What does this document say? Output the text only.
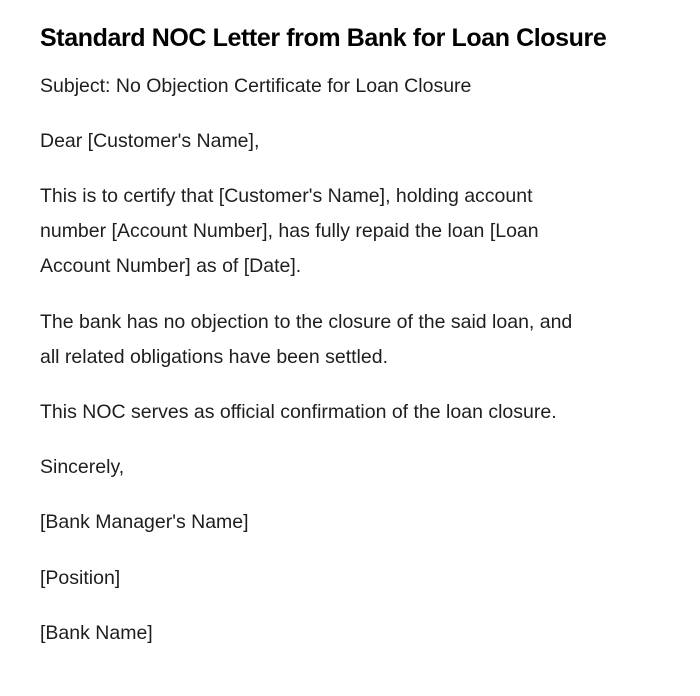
Standard NOC Letter from Bank for Loan Closure

Subject: No Objection Certificate for Loan Closure

Dear [Customer's Name],

This is to certify that [Customer's Name], holding account
number [Account Number], has fully repaid the loan [Loan
Account Number] as of [Date].

The bank has no objection to the closure of the said loan, and
all related obligations have been settled.

This NOC serves as official confirmation of the loan closure.

Sincerely,

[Bank Manager's Name]

[Position]

[Bank Name]
